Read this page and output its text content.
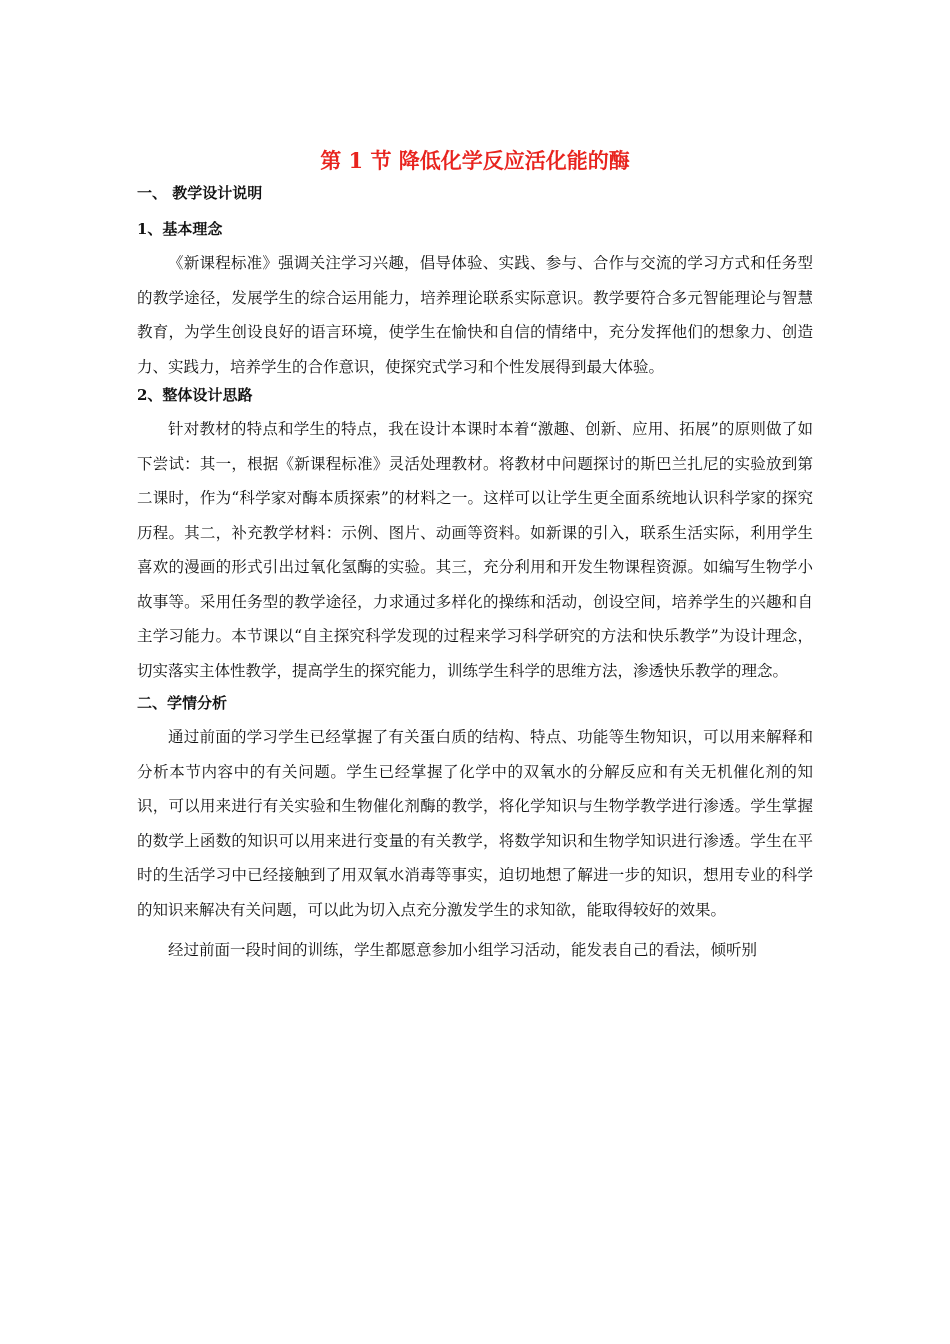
第 1 节 降低化学反应活化能的酶

一、 教学设计说明

1、基本理念

《新课程标准》强调关注学习兴趣，倡导体验、实践、参与、合作与交流的学习方式和任务型的教学途径，发展学生的综合运用能力，培养理论联系实际意识。教学要符合多元智能理论与智慧教育，为学生创设良好的语言环境，使学生在愉快和自信的情绪中，充分发挥他们的想象力、创造力、实践力，培养学生的合作意识，使探究式学习和个性发展得到最大体验。

2、整体设计思路

针对教材的特点和学生的特点，我在设计本课时本着“激趣、创新、应用、拓展”的原则做了如下尝试：其一，根据《新课程标准》灵活处理教材。将教材中问题探讨的斯巴兰扎尼的实验放到第二课时，作为“科学家对酶本质探索”的材料之一。这样可以让学生更全面系统地认识科学家的探究历程。其二，补充教学材料：示例、图片、动画等资料。如新课的引入，联系生活实际，利用学生喜欢的漫画的形式引出过氧化氢酶的实验。其三，充分利用和开发生物课程资源。如编写生物学小故事等。采用任务型的教学途径，力求通过多样化的操练和活动，创设空间，培养学生的兴趣和自主学习能力。本节课以“自主探究科学发现的过程来学习科学研究的方法和快乐教学”为设计理念，切实落实主体性教学，提高学生的探究能力，训练学生科学的思维方法，渗透快乐教学的理念。

二、学情分析

通过前面的学习学生已经掌握了有关蛋白质的结构、特点、功能等生物知识，可以用来解释和分析本节内容中的有关问题。学生已经掌握了化学中的双氧水的分解反应和有关无机催化剂的知识，可以用来进行有关实验和生物催化剂酶的教学，将化学知识与生物学教学进行渗透。学生掌握的数学上函数的知识可以用来进行变量的有关教学，将数学知识和生物学知识进行渗透。学生在平时的生活学习中已经接触到了用双氧水消毒等事实，迫切地想了解进一步的知识，想用专业的科学的知识来解决有关问题，可以此为切入点充分激发学生的求知欲，能取得较好的效果。

经过前面一段时间的训练，学生都愿意参加小组学习活动，能发表自己的看法，倾听别
